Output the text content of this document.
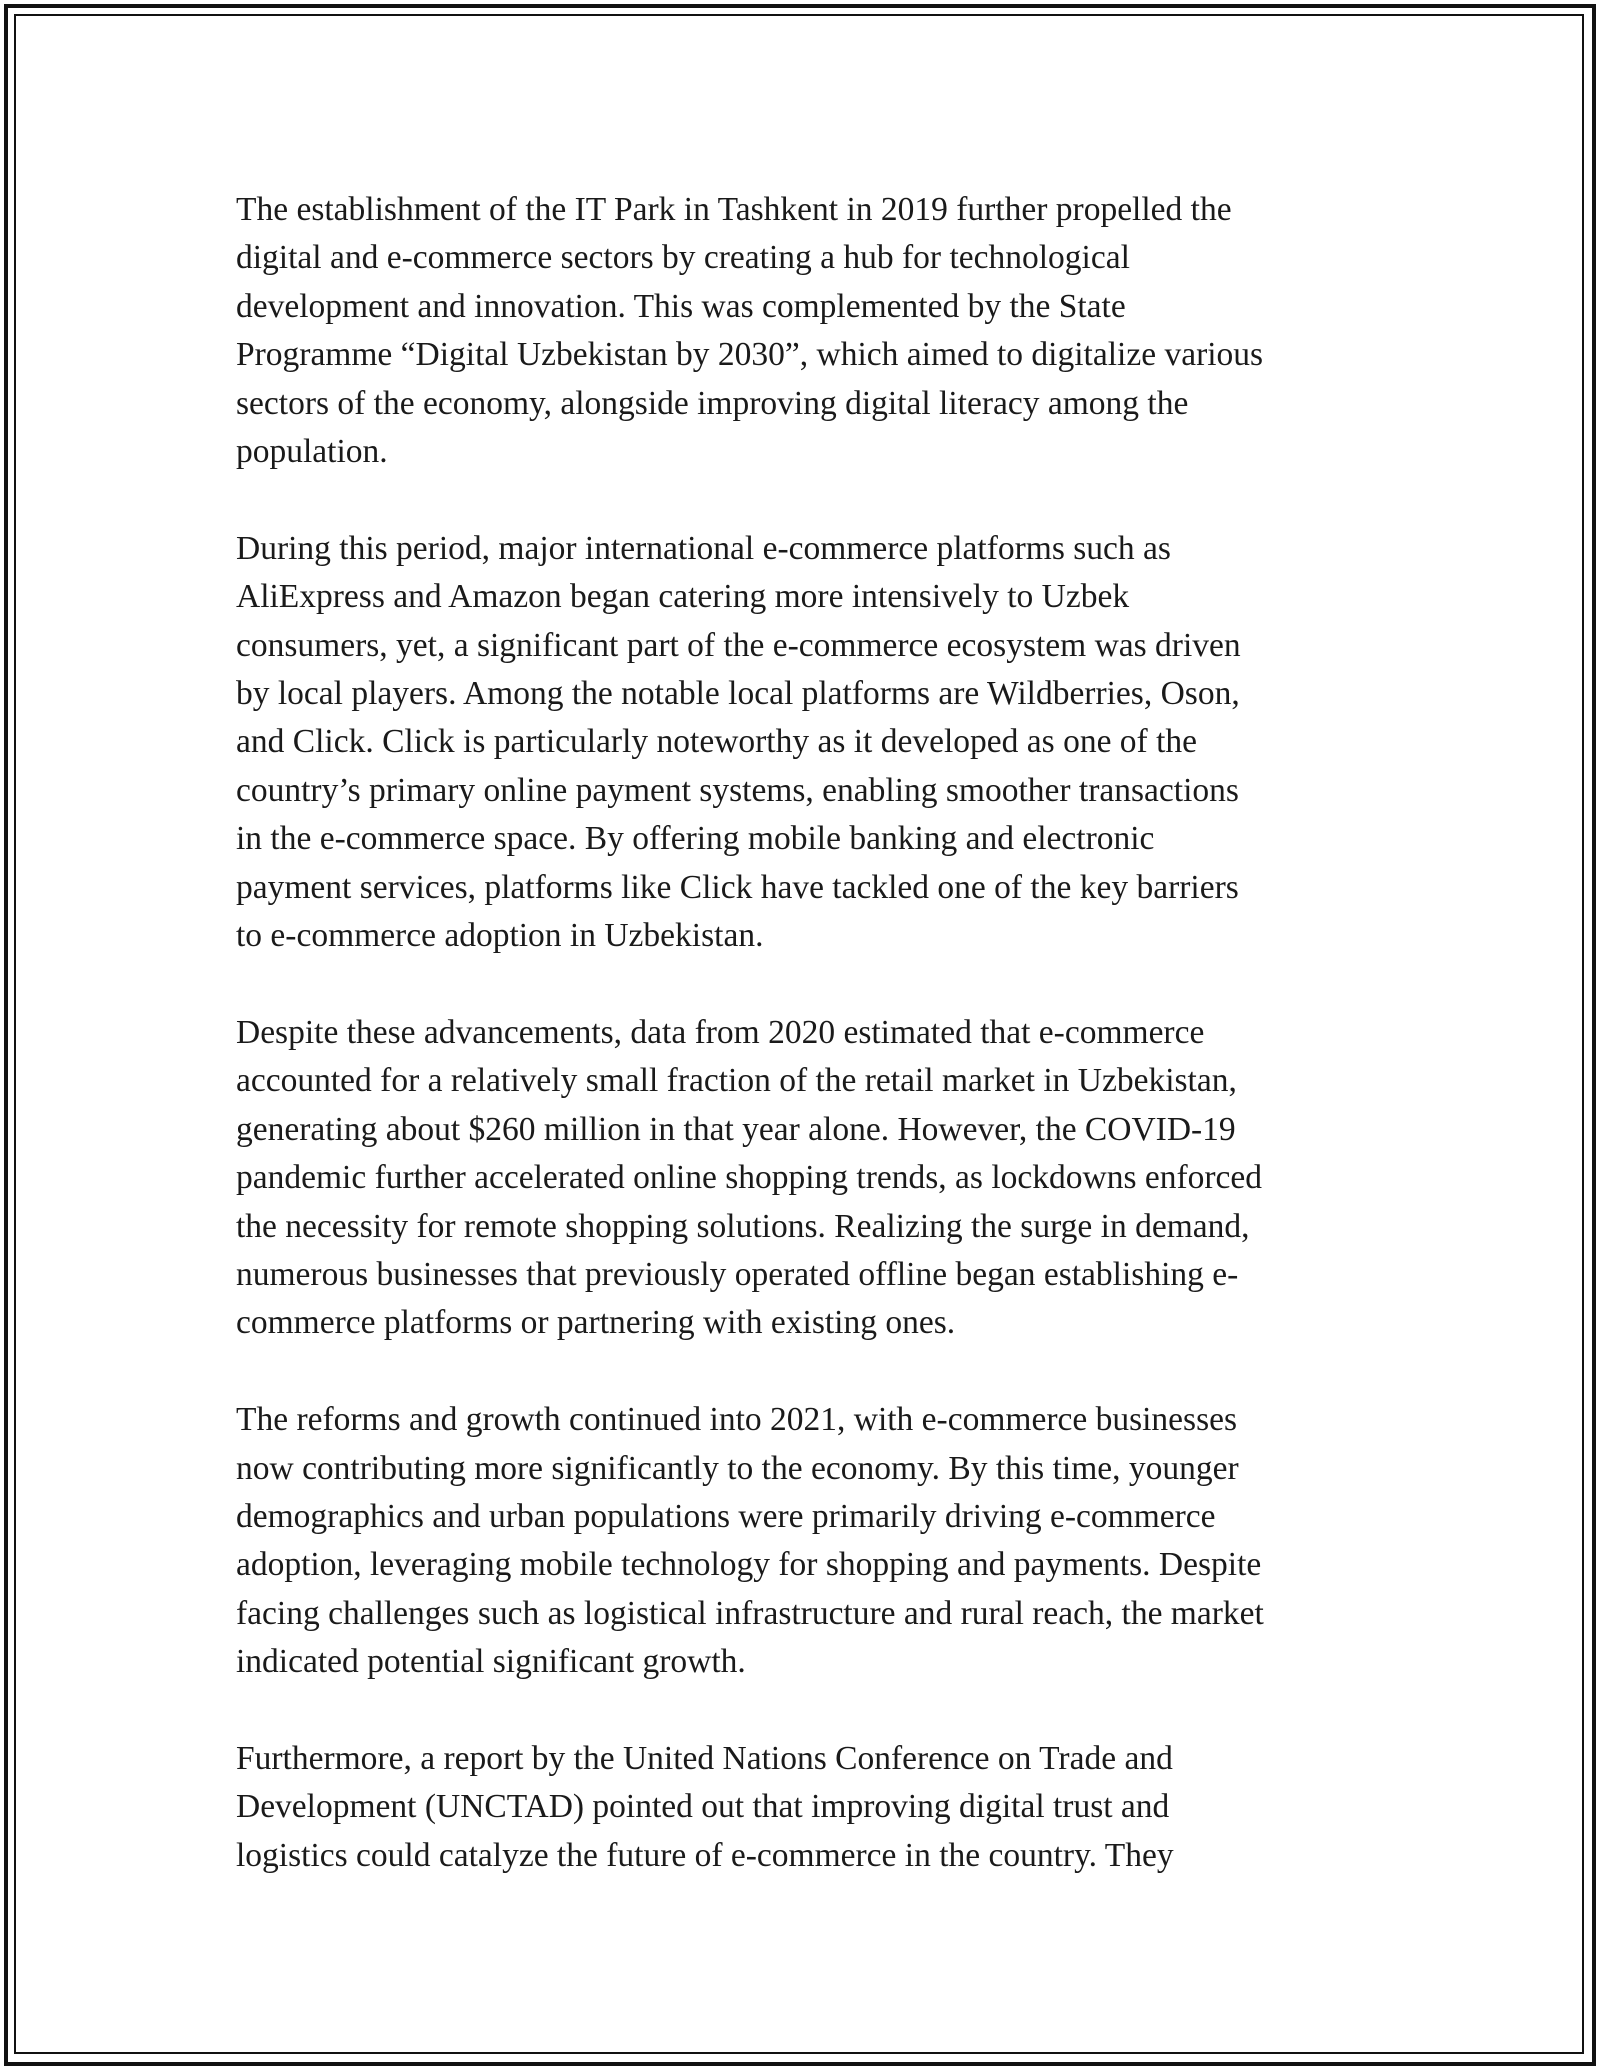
The establishment of the IT Park in Tashkent in 2019 further propelled the
digital and e-commerce sectors by creating a hub for technological
development and innovation. This was complemented by the State
Programme “Digital Uzbekistan by 2030”, which aimed to digitalize various
sectors of the economy, alongside improving digital literacy among the
population.

During this period, major international e-commerce platforms such as
AliExpress and Amazon began catering more intensively to Uzbek
consumers, yet, a significant part of the e-commerce ecosystem was driven
by local players. Among the notable local platforms are Wildberries, Oson,
and Click. Click is particularly noteworthy as it developed as one of the
country’s primary online payment systems, enabling smoother transactions
in the e-commerce space. By offering mobile banking and electronic
payment services, platforms like Click have tackled one of the key barriers
to e-commerce adoption in Uzbekistan.

Despite these advancements, data from 2020 estimated that e-commerce
accounted for a relatively small fraction of the retail market in Uzbekistan,
generating about $260 million in that year alone. However, the COVID-19
pandemic further accelerated online shopping trends, as lockdowns enforced
the necessity for remote shopping solutions. Realizing the surge in demand,
numerous businesses that previously operated offline began establishing e-
commerce platforms or partnering with existing ones.

The reforms and growth continued into 2021, with e-commerce businesses
now contributing more significantly to the economy. By this time, younger
demographics and urban populations were primarily driving e-commerce
adoption, leveraging mobile technology for shopping and payments. Despite
facing challenges such as logistical infrastructure and rural reach, the market
indicated potential significant growth.

Furthermore, a report by the United Nations Conference on Trade and
Development (UNCTAD) pointed out that improving digital trust and
logistics could catalyze the future of e-commerce in the country. They
